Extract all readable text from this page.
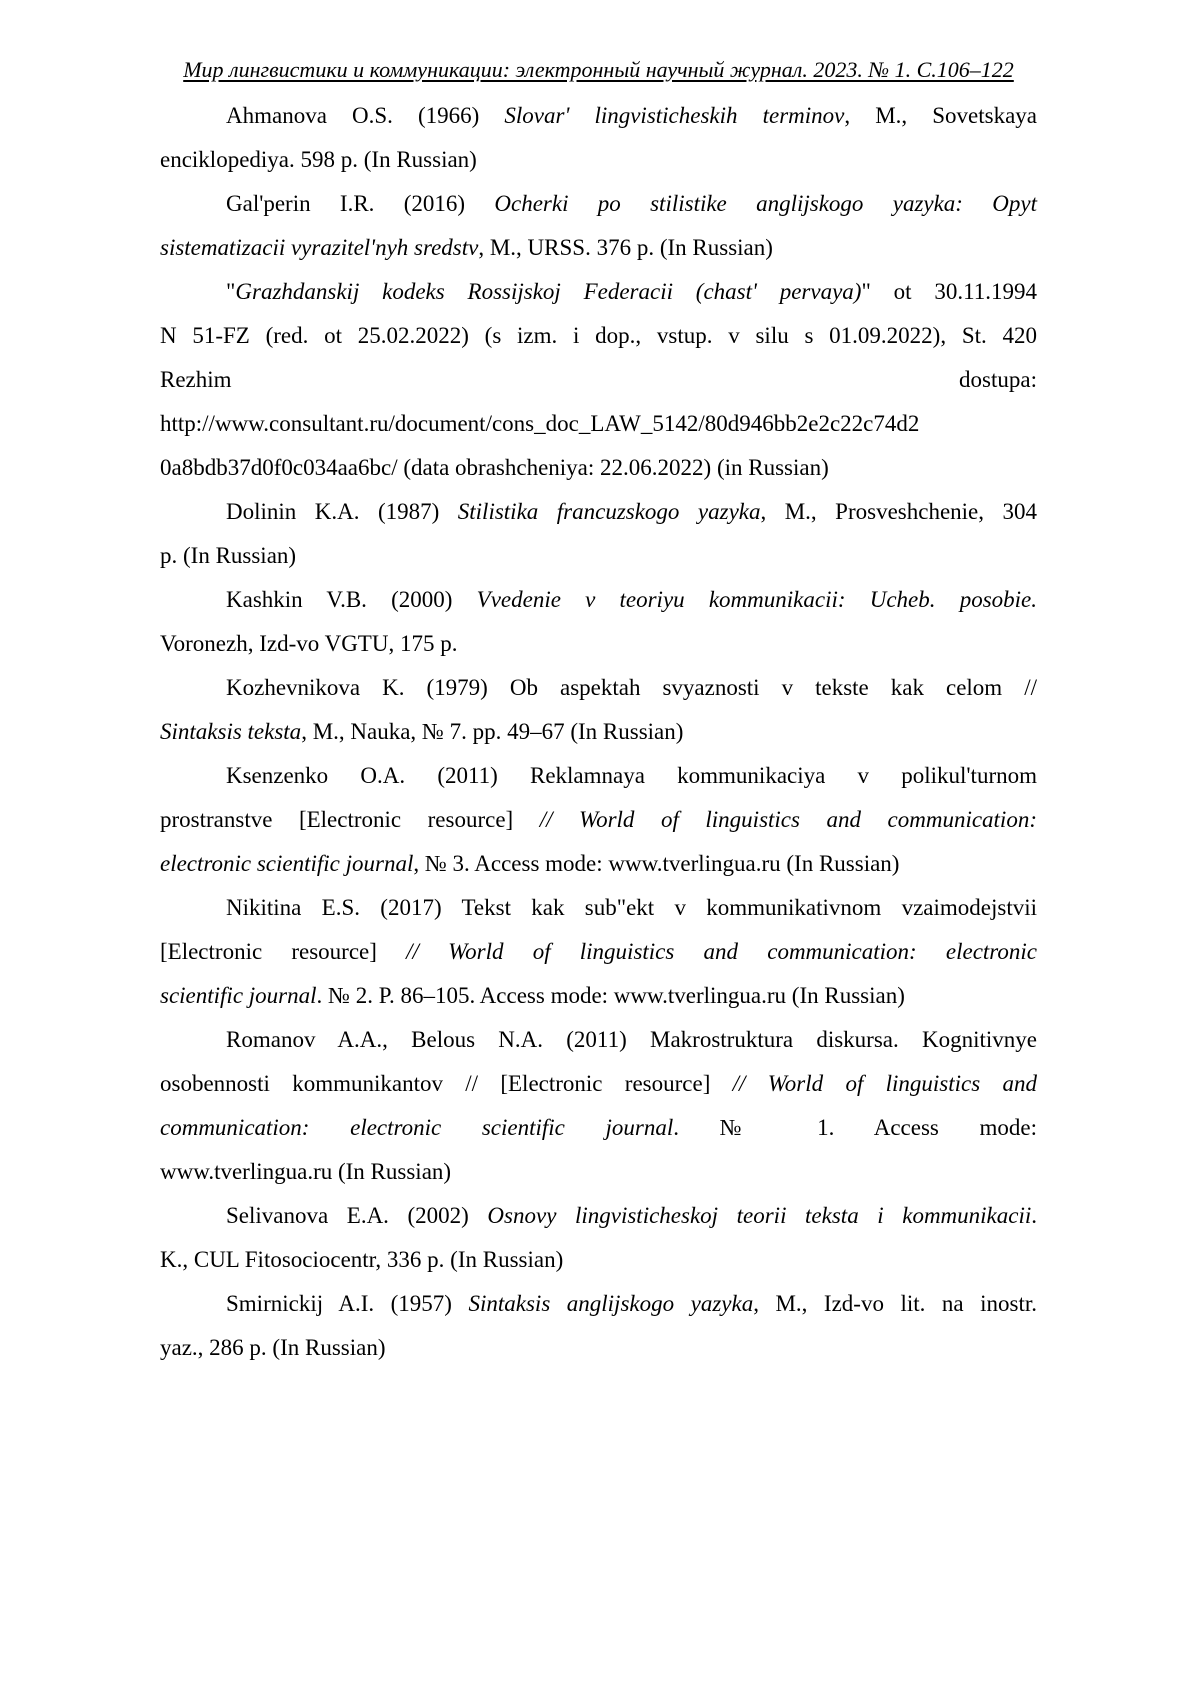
Мир лингвистики и коммуникации: электронный научный журнал. 2023. № 1. С.106–122
Ahmanova O.S. (1966) Slovar' lingvisticheskih terminov, M., Sovetskaya
enciklopediya. 598 p. (In Russian)
Gal'perin I.R. (2016) Ocherki po stilistike anglijskogo yazyka: Opyt
sistematizacii vyrazitel'nyh sredstv, M., URSS. 376 p. (In Russian)
"Grazhdanskij kodeks Rossijskoj Federacii (chast' pervaya)" ot 30.11.1994
N 51-FZ (red. ot 25.02.2022) (s izm. i dop., vstup. v silu s 01.09.2022), St. 420
Rezhim dostupa:
http://www.consultant.ru/document/cons_doc_LAW_5142/80d946bb2e2c22c74d2
0a8bdb37d0f0c034aa6bc/ (data obrashcheniya: 22.06.2022) (in Russian)
Dolinin K.A. (1987) Stilistika francuzskogo yazyka, M., Prosveshchenie, 304
p. (In Russian)
Kashkin V.B. (2000) Vvedenie v teoriyu kommunikacii: Ucheb. posobie.
Voronezh, Izd-vo VGTU, 175 p.
Kozhevnikova K. (1979) Ob aspektah svyaznosti v tekste kak celom //
Sintaksis teksta, M., Nauka, № 7. pp. 49–67 (In Russian)
Ksenzenko O.A. (2011) Reklamnaya kommunikaciya v polikul'turnom
prostranstve [Electronic resource] // World of linguistics and communication:
electronic scientific journal, № 3. Access mode: www.tverlingua.ru (In Russian)
Nikitina E.S. (2017) Tekst kak sub"ekt v kommunikativnom vzaimodejstvii
[Electronic resource] // World of linguistics and communication: electronic
scientific journal. № 2. P. 86–105. Access mode: www.tverlingua.ru (In Russian)
Romanov A.A., Belous N.A. (2011) Makrostruktura diskursa. Kognitivnye
osobennosti kommunikantov // [Electronic resource] // World of linguistics and
communication: electronic scientific journal. № 1. Access mode:
www.tverlingua.ru (In Russian)
Selivanova E.A. (2002) Osnovy lingvisticheskoj teorii teksta i kommunikacii.
K., CUL Fitosociocentr, 336 p. (In Russian)
Smirnickij A.I. (1957) Sintaksis anglijskogo yazyka, M., Izd-vo lit. na inostr.
yaz., 286 p. (In Russian)
